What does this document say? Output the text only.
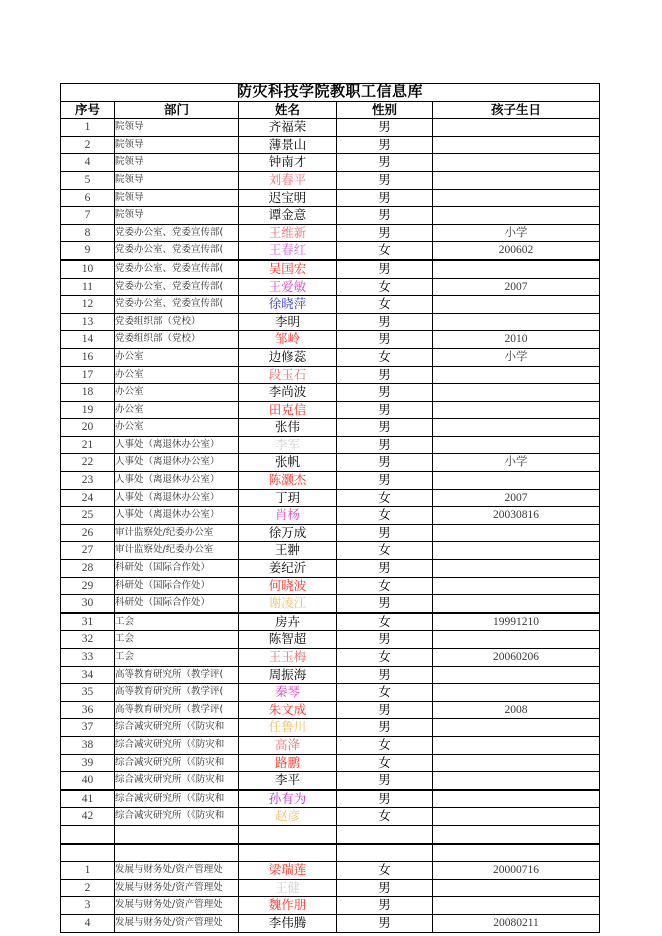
防灾科技学院教职工信息库				
序号	部门	姓名	性别	孩子生日
1	院领导	齐福荣	男	
2	院领导	薄景山	男	
4	院领导	钟南才	男	
5	院领导	刘春平	男	
6	院领导	迟宝明	男	
7	院领导	谭金意	男	
8	党委办公室、党委宣传部(	王维新	男	小学
9	党委办公室、党委宣传部(	王春红	女	200602
10	党委办公室、党委宣传部(	吴国宏	男	
11	党委办公室、党委宣传部(	王爱敏	女	2007
12	党委办公室、党委宣传部(	徐晓萍	女	
13	党委组织部（党校）	李明	男	
14	党委组织部（党校）	邹岭	男	2010
16	办公室	边修蕊	女	小学
17	办公室	段玉石	男	
18	办公室	李尚波	男	
19	办公室	田克信	男	
20	办公室	张伟	男	
21	人事处（离退休办公室）	李军	男	
22	人事处（离退休办公室）	张帆	男	小学
23	人事处（离退休办公室）	陈灏杰	男	
24	人事处（离退休办公室）	丁玥	女	2007
25	人事处（离退休办公室）	肖杨	女	20030816
26	审计监察处/纪委办公室	徐万成	男	
27	审计监察处/纪委办公室	王翀	女	
28	科研处（国际合作处）	姜纪沂	男	
29	科研处（国际合作处）	何晓波	女	
30	科研处（国际合作处）	谢凌江	男	
31	工会	房卉	女	19991210
32	工会	陈智超	男	
33	工会	王玉梅	女	20060206
34	高等教育研究所（教学评(	周振海	男	
35	高等教育研究所（教学评(	秦琴	女	
36	高等教育研究所（教学评(	朱文成	男	2008
37	综合减灾研究所（《防灾和	任鲁川	男	
38	综合减灾研究所（《防灾和	高洚	女	
39	综合减灾研究所（《防灾和	路鹏	女	
40	综合减灾研究所（《防灾和	李平	男	
41	综合减灾研究所（《防灾和	孙有为	男	
42	综合减灾研究所（《防灾和	赵彦	女	

1	发展与财务处/资产管理处	梁瑞莲	女	20000716
2	发展与财务处/资产管理处	王健	男	
3	发展与财务处/资产管理处	魏作朋	男	
4	发展与财务处/资产管理处	李伟腾	男	20080211
